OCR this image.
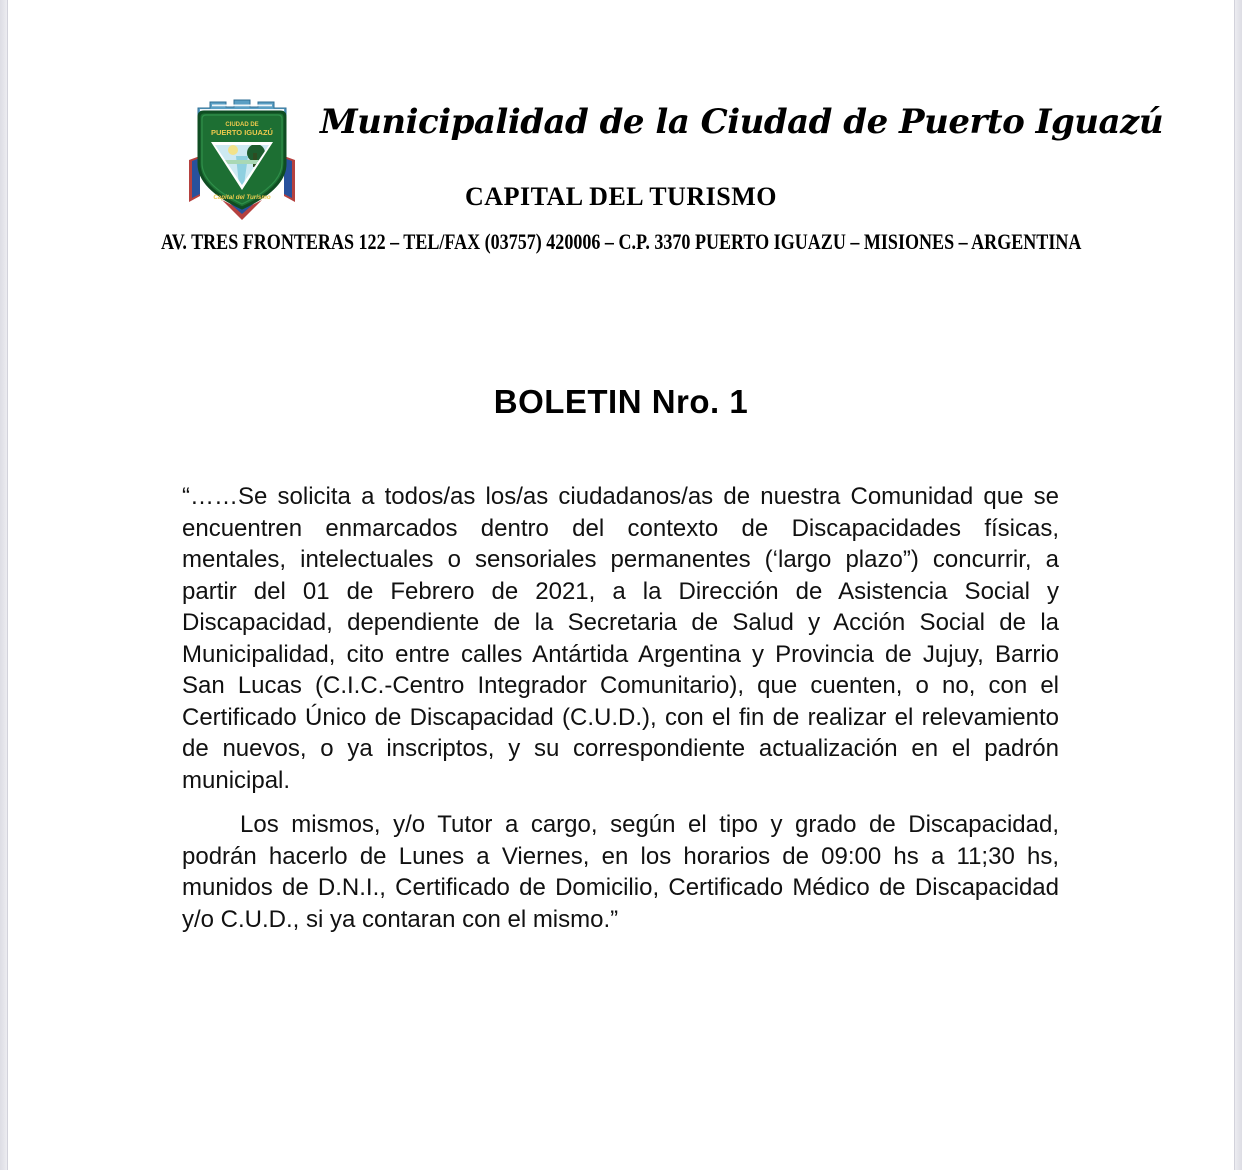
CIUDAD DE
PUERTO IGUAZÚ
Capital del Turismo
Municipalidad de la Ciudad de Puerto Iguazú
CAPITAL DEL TURISMO
AV. TRES FRONTERAS 122 – TEL/FAX (03757) 420006 – C.P. 3370 PUERTO IGUAZU – MISIONES – ARGENTINA
BOLETIN Nro. 1
“……Se solicita a todos/as los/as ciudadanos/as de nuestra Comunidad que se
encuentren enmarcados dentro del contexto de Discapacidades físicas,
mentales, intelectuales o sensoriales permanentes (‘largo plazo”) concurrir, a
partir del 01 de Febrero de 2021, a la Dirección de Asistencia Social y
Discapacidad, dependiente de la Secretaria de Salud y Acción Social de la
Municipalidad, cito entre calles Antártida Argentina y Provincia de Jujuy, Barrio
San Lucas (C.I.C.-Centro Integrador Comunitario), que cuenten, o no, con el
Certificado Único de Discapacidad (C.U.D.), con el fin de realizar el relevamiento
de nuevos, o ya inscriptos, y su correspondiente actualización en el padrón
municipal.
Los mismos, y/o Tutor a cargo, según el tipo y grado de Discapacidad,
podrán hacerlo de Lunes a Viernes, en los horarios de 09:00 hs a 11;30 hs,
munidos de D.N.I., Certificado de Domicilio, Certificado Médico de Discapacidad
y/o C.U.D., si ya contaran con el mismo.”
